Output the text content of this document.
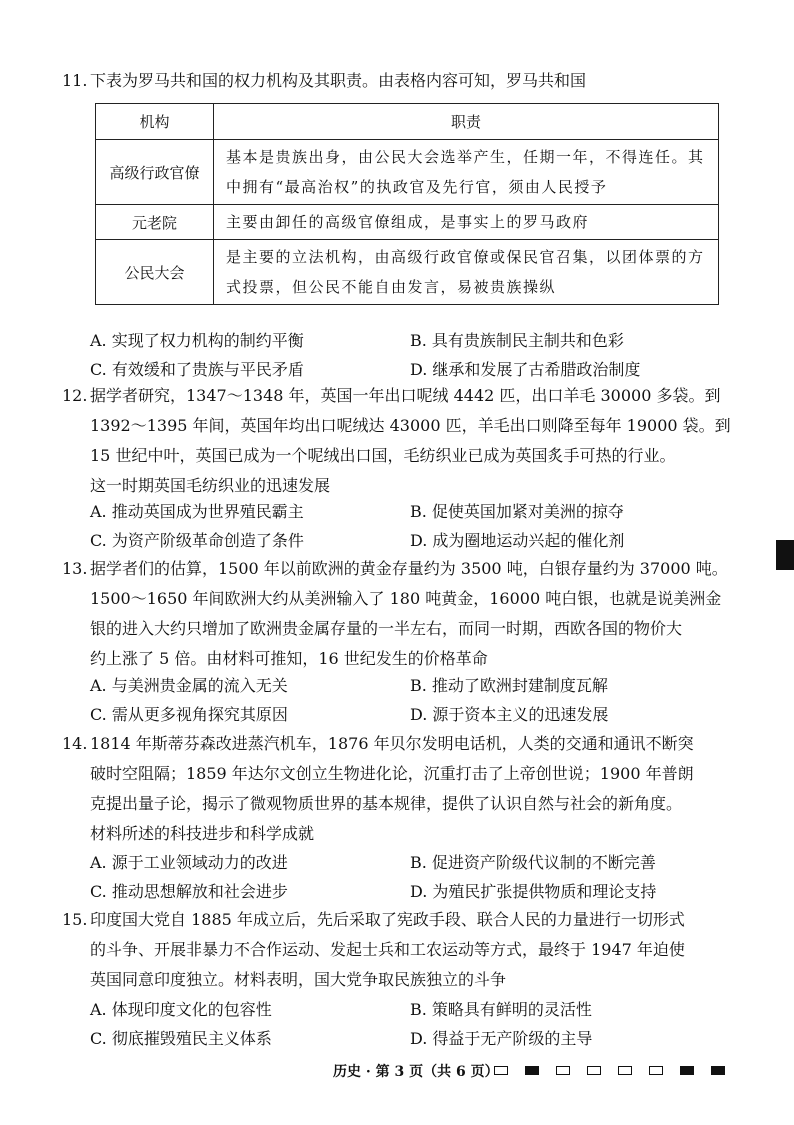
11. 下表为罗马共和国的权力机构及其职责。由表格内容可知，罗马共和国
机构	职责
高级行政官僚	基本是贵族出身，由公民大会选举产生，任期一年，不得连任。其
中拥有“最高治权”的执政官及先行官，须由人民授予

元老院	主要由卸任的高级官僚组成，是事实上的罗马政府

公民大会	是主要的立法机构，由高级行政官僚或保民官召集，以团体票的方
式投票，但公民不能自由发言，易被贵族操纵
A. 实现了权力机构的制约平衡	B. 具有贵族制民主制共和色彩
C. 有效缓和了贵族与平民矛盾	D. 继承和发展了古希腊政治制度
12. 据学者研究，1347～1348 年，英国一年出口呢绒 4442 匹，出口羊毛 30000 多袋。到
1392～1395 年间，英国年均出口呢绒达 43000 匹，羊毛出口则降至每年 19000 袋。到
15 世纪中叶，英国已成为一个呢绒出口国，毛纺织业已成为英国炙手可热的行业。
这一时期英国毛纺织业的迅速发展
A. 推动英国成为世界殖民霸主	B. 促使英国加紧对美洲的掠夺
C. 为资产阶级革命创造了条件	D. 成为圈地运动兴起的催化剂
13. 据学者们的估算，1500 年以前欧洲的黄金存量约为 3500 吨，白银存量约为 37000 吨。
1500～1650 年间欧洲大约从美洲输入了 180 吨黄金，16000 吨白银，也就是说美洲金
银的进入大约只增加了欧洲贵金属存量的一半左右，而同一时期，西欧各国的物价大
约上涨了 5 倍。由材料可推知，16 世纪发生的价格革命
A. 与美洲贵金属的流入无关	B. 推动了欧洲封建制度瓦解
C. 需从更多视角探究其原因	D. 源于资本主义的迅速发展
14. 1814 年斯蒂芬森改进蒸汽机车，1876 年贝尔发明电话机，人类的交通和通讯不断突
破时空阻隔；1859 年达尔文创立生物进化论，沉重打击了上帝创世说；1900 年普朗
克提出量子论，揭示了微观物质世界的基本规律，提供了认识自然与社会的新角度。
材料所述的科技进步和科学成就
A. 源于工业领域动力的改进	B. 促进资产阶级代议制的不断完善
C. 推动思想解放和社会进步	D. 为殖民扩张提供物质和理论支持
15. 印度国大党自 1885 年成立后，先后采取了宪政手段、联合人民的力量进行一切形式
的斗争、开展非暴力不合作运动、发起士兵和工农运动等方式，最终于 1947 年迫使
英国同意印度独立。材料表明，国大党争取民族独立的斗争
A. 体现印度文化的包容性	B. 策略具有鲜明的灵活性
C. 彻底摧毁殖民主义体系	D. 得益于无产阶级的主导
历史 · 第 3 页（共 6 页）
